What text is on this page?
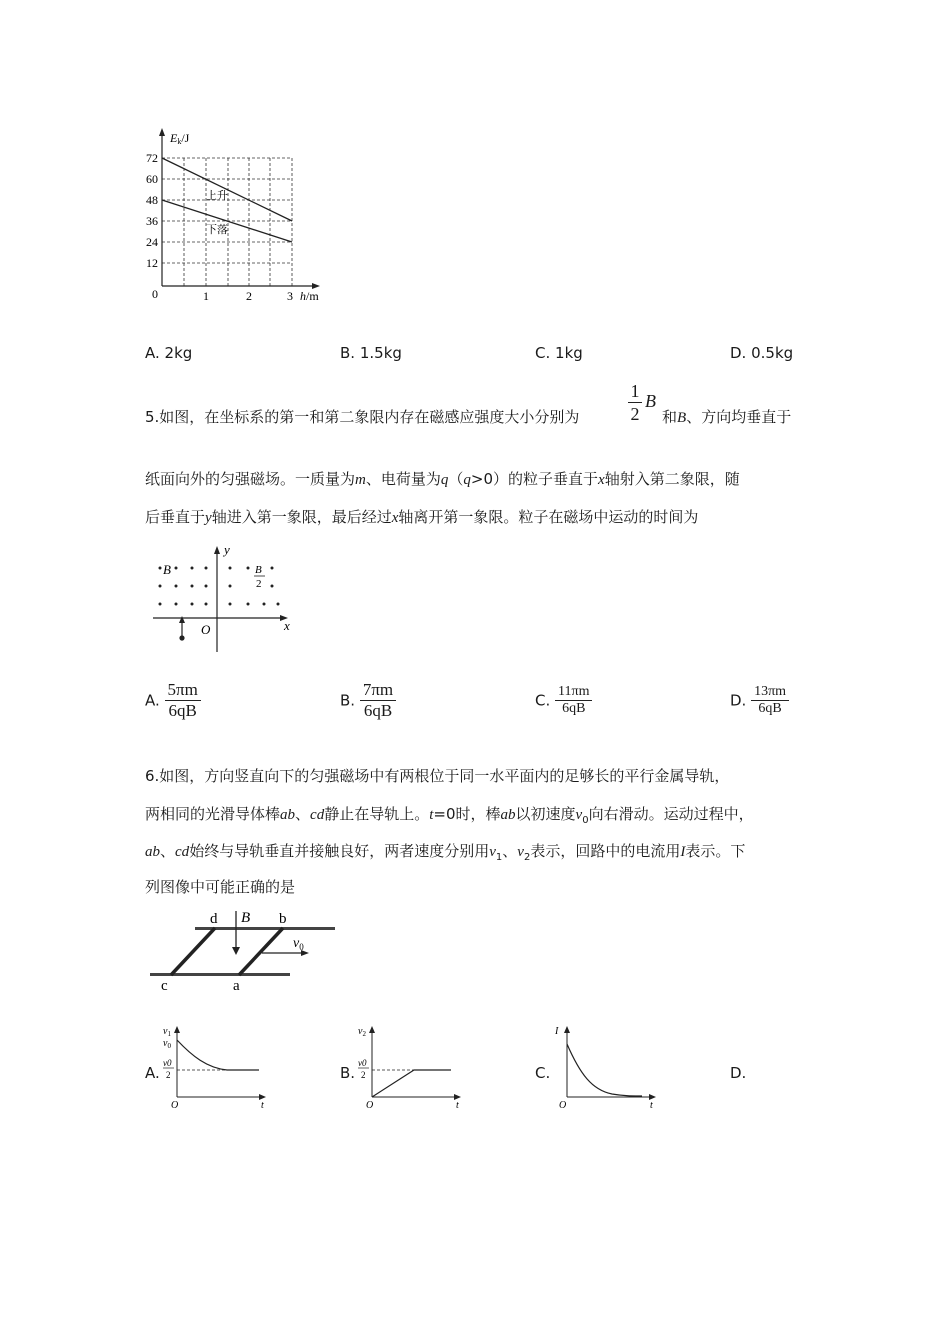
72
60
48
36
24
12
0	1	2	3
Ek/J
h/m
上升
下落
A. 2kg	B. 1.5kg	C. 1kg	D. 0.5kg
5.如图，在坐标系的第一和第二象限内存在磁感应强度大小分别为
1
2
B
和B、方向均垂直于
纸面向外的匀强磁场。一质量为m、电荷量为q（q>0）的粒子垂直于x轴射入第二象限，随
后垂直于y轴进入第一象限，最后经过x轴离开第一象限。粒子在磁场中运动的时间为
y
x
O
B	B
2
A. $\frac{5\pi m}{6qB}$	B. $\frac{7\pi m}{6qB}$	C. $\frac{11\pi m}{6qB}$	D. $\frac{13\pi m}{6qB}$
6.如图，方向竖直向下的匀强磁场中有两根位于同一水平面内的足够长的平行金属导轨，
两相同的光滑导体棒ab、cd静止在导轨上。t=0时，棒ab以初速度$v_0$向右滑动。运动过程中，
ab、cd始终与导轨垂直并接触良好，两者速度分别用$v_1$、$v_2$表示，回路中的电流用I表示。下
列图像中可能正确的是
B
$v_0$
d	b
c	a
A.
$v_1$
$v_0$
v0
2
O	t
B.
$v_2$
v0
2
O	t
C.
I
O	t
D.
